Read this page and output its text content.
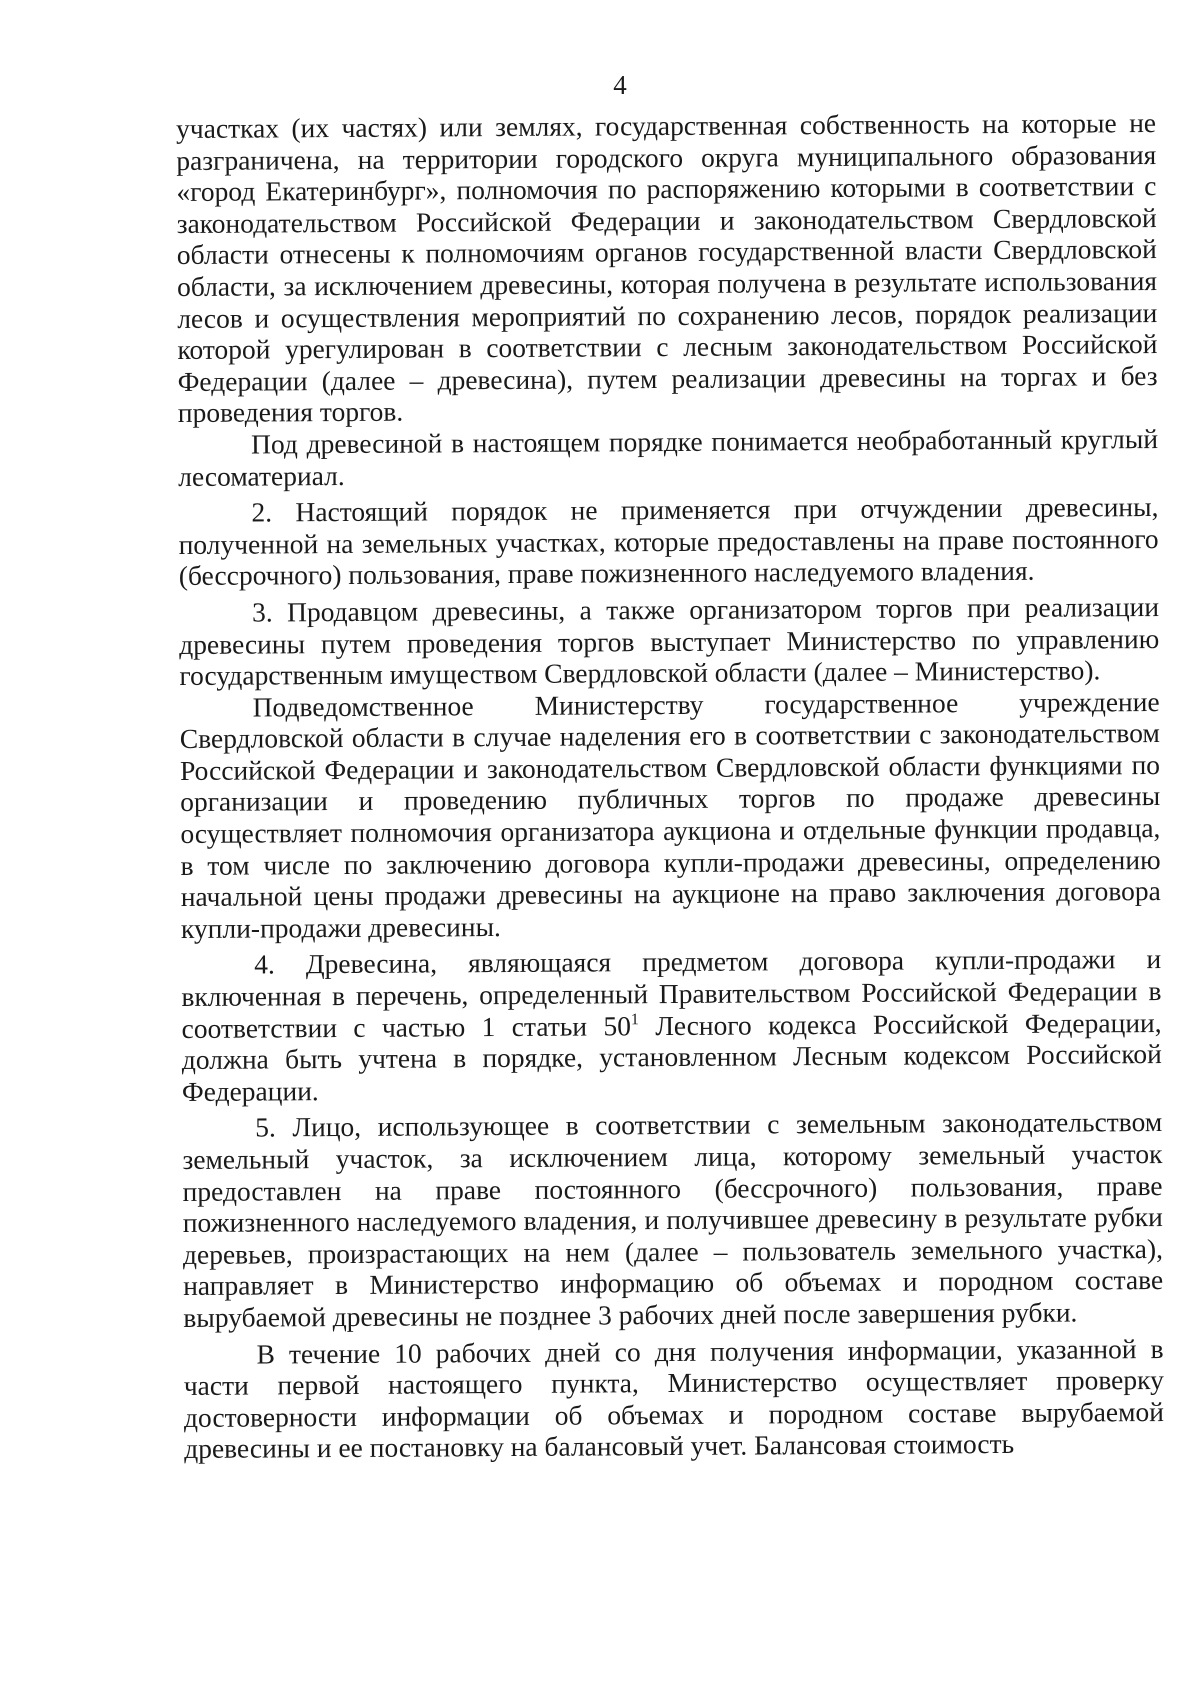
4

участках (их частях) или землях, государственная собственность на которые не разграничена, на территории городского округа муниципального образования «город Екатеринбург», полномочия по распоряжению которыми в соответствии с законодательством Российской Федерации и законодательством Свердловской области отнесены к полномочиям органов государственной власти Свердловской области, за исключением древесины, которая получена в результате использования лесов и осуществления мероприятий по сохранению лесов, порядок реализации которой урегулирован в соответствии с лесным законодательством Российской Федерации (далее – древесина), путем реализации древесины на торгах и без проведения торгов.

Под древесиной в настоящем порядке понимается необработанный круглый лесоматериал.

2. Настоящий порядок не применяется при отчуждении древесины, полученной на земельных участках, которые предоставлены на праве постоянного (бессрочного) пользования, праве пожизненного наследуемого владения.

3. Продавцом древесины, а также организатором торгов при реализации древесины путем проведения торгов выступает Министерство по управлению государственным имуществом Свердловской области (далее – Министерство).

Подведомственное Министерству государственное учреждение Свердловской области в случае наделения его в соответствии с законодательством Российской Федерации и законодательством Свердловской области функциями по организации и проведению публичных торгов по продаже древесины осуществляет полномочия организатора аукциона и отдельные функции продавца, в том числе по заключению договора купли-продажи древесины, определению начальной цены продажи древесины на аукционе на право заключения договора купли-продажи древесины.

4. Древесина, являющаяся предметом договора купли-продажи и включенная в перечень, определенный Правительством Российской Федерации в соответствии с частью 1 статьи $50^1$ Лесного кодекса Российской Федерации, должна быть учтена в порядке, установленном Лесным кодексом Российской Федерации.

5. Лицо, использующее в соответствии с земельным законодательством земельный участок, за исключением лица, которому земельный участок предоставлен на праве постоянного (бессрочного) пользования, праве пожизненного наследуемого владения, и получившее древесину в результате рубки деревьев, произрастающих на нем (далее – пользователь земельного участка), направляет в Министерство информацию об объемах и породном составе вырубаемой древесины не позднее 3 рабочих дней после завершения рубки.

В течение 10 рабочих дней со дня получения информации, указанной в части первой настоящего пункта, Министерство осуществляет проверку достоверности информации об объемах и породном составе вырубаемой древесины и ее постановку на балансовый учет. Балансовая стоимость
